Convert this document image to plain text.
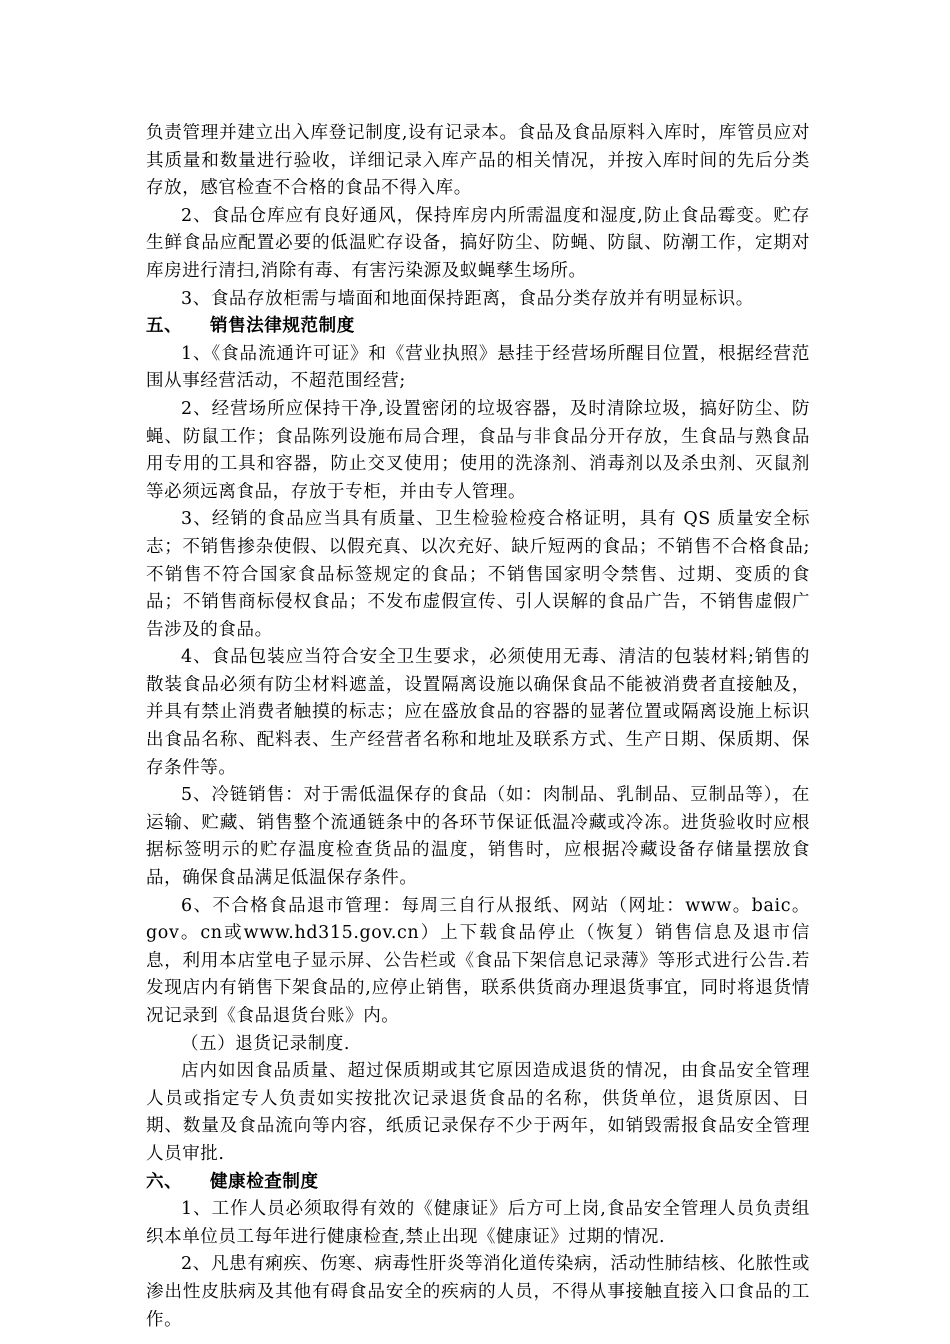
负责管理并建立出入库登记制度,设有记录本。食品及食品原料入库时，库管员应对其质量和数量进行验收，详细记录入库产品的相关情况，并按入库时间的先后分类存放，感官检查不合格的食品不得入库。

2、食品仓库应有良好通风，保持库房内所需温度和湿度,防止食品霉变。贮存生鲜食品应配置必要的低温贮存设备，搞好防尘、防蝇、防鼠、防潮工作，定期对库房进行清扫,消除有毒、有害污染源及蚁蝇孳生场所。

3、食品存放柜需与墙面和地面保持距离，食品分类存放并有明显标识。

五、 销售法律规范制度

1、《食品流通许可证》和《营业执照》悬挂于经营场所醒目位置，根据经营范围从事经营活动，不超范围经营;

2、经营场所应保持干净,设置密闭的垃圾容器，及时清除垃圾，搞好防尘、防蝇、防鼠工作；食品陈列设施布局合理，食品与非食品分开存放，生食品与熟食品用专用的工具和容器，防止交叉使用；使用的洗涤剂、消毒剂以及杀虫剂、灭鼠剂等必须远离食品，存放于专柜，并由专人管理。

3、经销的食品应当具有质量、卫生检验检疫合格证明，具有 QS 质量安全标志；不销售掺杂使假、以假充真、以次充好、缺斤短两的食品；不销售不合格食品;不销售不符合国家食品标签规定的食品；不销售国家明令禁售、过期、变质的食品；不销售商标侵权食品；不发布虚假宣传、引人误解的食品广告，不销售虚假广告涉及的食品。

4、食品包装应当符合安全卫生要求，必须使用无毒、清洁的包装材料;销售的散装食品必须有防尘材料遮盖，设置隔离设施以确保食品不能被消费者直接触及，并具有禁止消费者触摸的标志；应在盛放食品的容器的显著位置或隔离设施上标识出食品名称、配料表、生产经营者名称和地址及联系方式、生产日期、保质期、保存条件等。

5、冷链销售：对于需低温保存的食品（如：肉制品、乳制品、豆制品等），在运输、贮藏、销售整个流通链条中的各环节保证低温冷藏或冷冻。进货验收时应根据标签明示的贮存温度检查货品的温度，销售时，应根据冷藏设备存储量摆放食品，确保食品满足低温保存条件。

6、不合格食品退市管理：每周三自行从报纸、网站（网址：www。baic。gov。cn或www.hd315.gov.cn）上下载食品停止（恢复）销售信息及退市信息，利用本店堂电子显示屏、公告栏或《食品下架信息记录薄》等形式进行公告.若发现店内有销售下架食品的,应停止销售，联系供货商办理退货事宜，同时将退货情况记录到《食品退货台账》内。

（五）退货记录制度.

店内如因食品质量、超过保质期或其它原因造成退货的情况，由食品安全管理人员或指定专人负责如实按批次记录退货食品的名称，供货单位，退货原因、日期、数量及食品流向等内容，纸质记录保存不少于两年，如销毁需报食品安全管理人员审批.

六、 健康检查制度

1、工作人员必须取得有效的《健康证》后方可上岗,食品安全管理人员负责组织本单位员工每年进行健康检查,禁止出现《健康证》过期的情况.

2、凡患有痢疾、伤寒、病毒性肝炎等消化道传染病，活动性肺结核、化脓性或渗出性皮肤病及其他有碍食品安全的疾病的人员，不得从事接触直接入口食品的工作。
